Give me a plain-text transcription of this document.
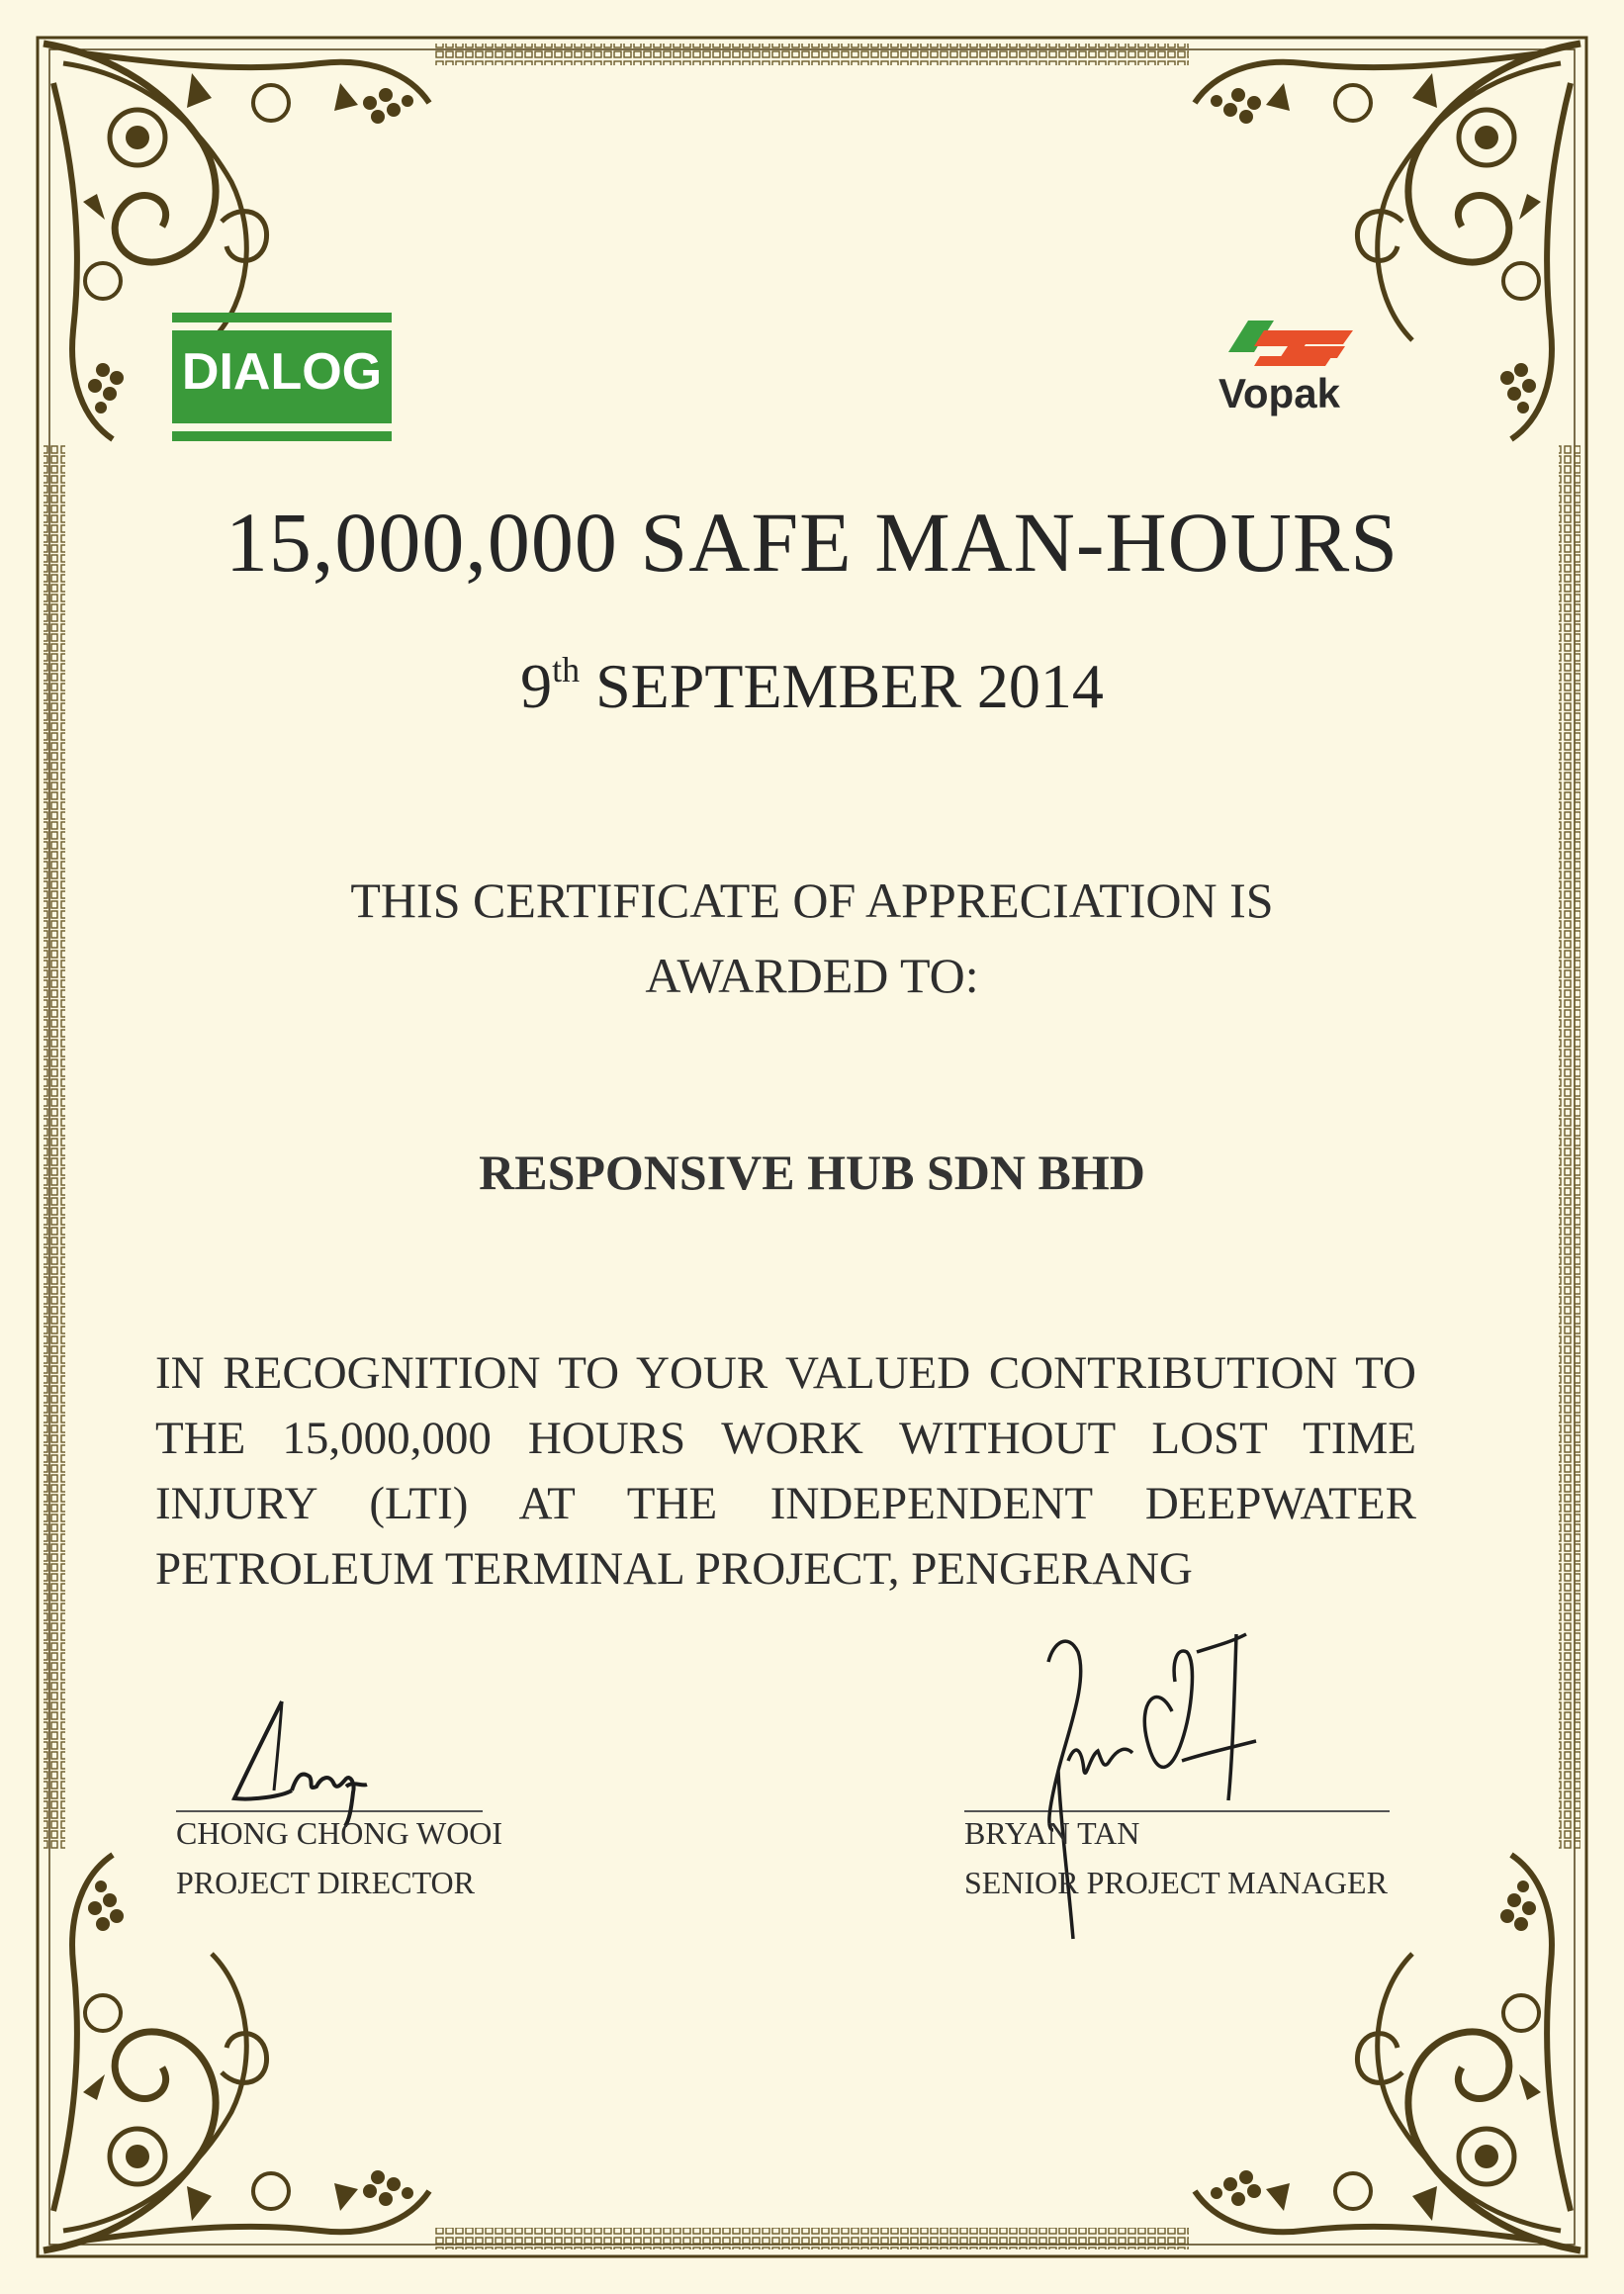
DIALOG	Vopak
15,000,000 SAFE MAN-HOURS
9th SEPTEMBER 2014
THIS CERTIFICATE OF APPRECIATION IS
AWARDED TO:
RESPONSIVE HUB SDN BHD
IN RECOGNITION TO YOUR VALUED CONTRIBUTION TO THE 15,000,000 HOURS WORK WITHOUT LOST TIME INJURY (LTI) AT THE INDEPENDENT DEEPWATER PETROLEUM TERMINAL PROJECT, PENGERANG
CHONG CHONG WOOI
PROJECT DIRECTOR
BRYAN TAN
SENIOR PROJECT MANAGER
